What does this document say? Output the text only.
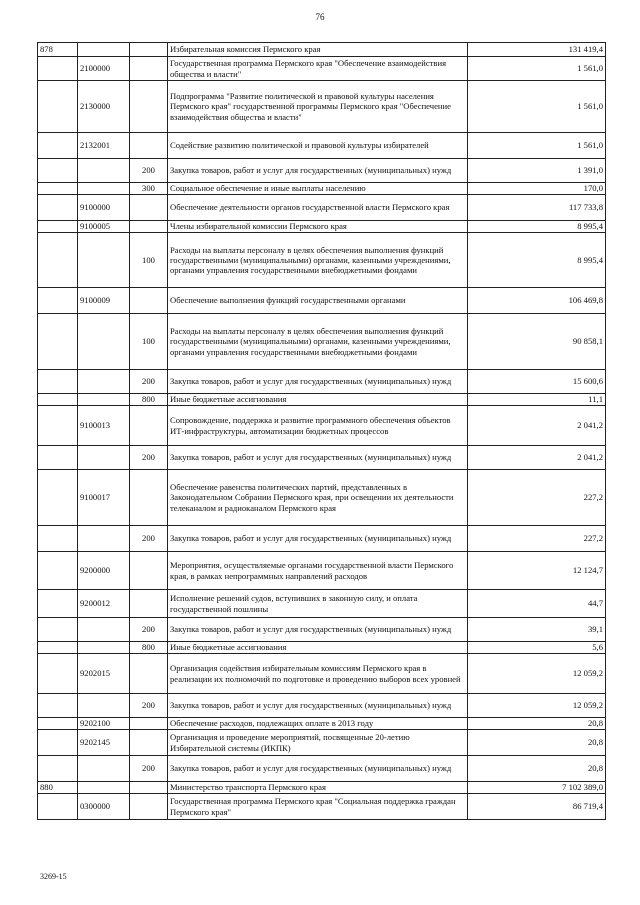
76
878			Избирательная комиссия Пермского края	131 419,4
	2100000		Государственная программа Пермского края "Обеспечение взаимодействия общества и власти"	1 561,0
	2130000		Подпрограмма "Развитие политической и правовой культуры населения Пермского края" государственной программы Пермского края "Обеспечение взаимодействия общества и власти"	1 561,0
	2132001		Содействие развитию политической и правовой культуры избирателей	1 561,0
		200	Закупка товаров, работ и услуг для государственных (муниципальных) нужд	1 391,0
		300	Социальное обеспечение и иные выплаты населению	170,0
	9100000		Обеспечение деятельности органов государственной власти Пермского края	117 733,8
	9100005		Члены избирательной комиссии Пермского края	8 995,4
		100	Расходы на выплаты персоналу в целях обеспечения выполнения функций государственными (муниципальными) органами, казенными учреждениями, органами управления государственными внебюджетными фондами	8 995,4
	9100009		Обеспечение выполнения функций государственными органами	106 469,8
		100	Расходы на выплаты персоналу в целях обеспечения выполнения функций государственными (муниципальными) органами, казенными учреждениями, органами управления государственными внебюджетными фондами	90 858,1
		200	Закупка товаров, работ и услуг для государственных (муниципальных) нужд	15 600,6
		800	Иные бюджетные ассигнования	11,1
	9100013		Сопровождение, поддержка и развитие программного обеспечения объектов ИТ-инфраструктуры, автоматизации бюджетных процессов	2 041,2
		200	Закупка товаров, работ и услуг для государственных (муниципальных) нужд	2 041,2
	9100017		Обеспечение равенства политических партий, представленных в Законодательном Собрании Пермского края, при освещении их деятельности телеканалом и радиоканалом Пермского края	227,2
		200	Закупка товаров, работ и услуг для государственных (муниципальных) нужд	227,2
	9200000		Мероприятия, осуществляемые органами государственной власти Пермского края, в рамках непрограммных направлений расходов	12 124,7
	9200012		Исполнение решений судов, вступивших в законную силу, и оплата государственной пошлины	44,7
		200	Закупка товаров, работ и услуг для государственных (муниципальных) нужд	39,1
		800	Иные бюджетные ассигнования	5,6
	9202015		Организация содействия избирательным комиссиям Пермского края в реализации их полномочий по подготовке и проведению выборов всех уровней	12 059,2
		200	Закупка товаров, работ и услуг для государственных (муниципальных) нужд	12 059,2
	9202100		Обеспечение расходов, подлежащих оплате в 2013 году	20,8
	9202145		Организация и проведение мероприятий, посвященные 20-летию Избирательной системы (ИКПК)	20,8
		200	Закупка товаров, работ и услуг для государственных (муниципальных) нужд	20,8
880			Министерство транспорта Пермского края	7 102 389,0
	0300000		Государственная программа Пермского края "Социальная поддержка граждан Пермского края"	86 719,4
3269-15
